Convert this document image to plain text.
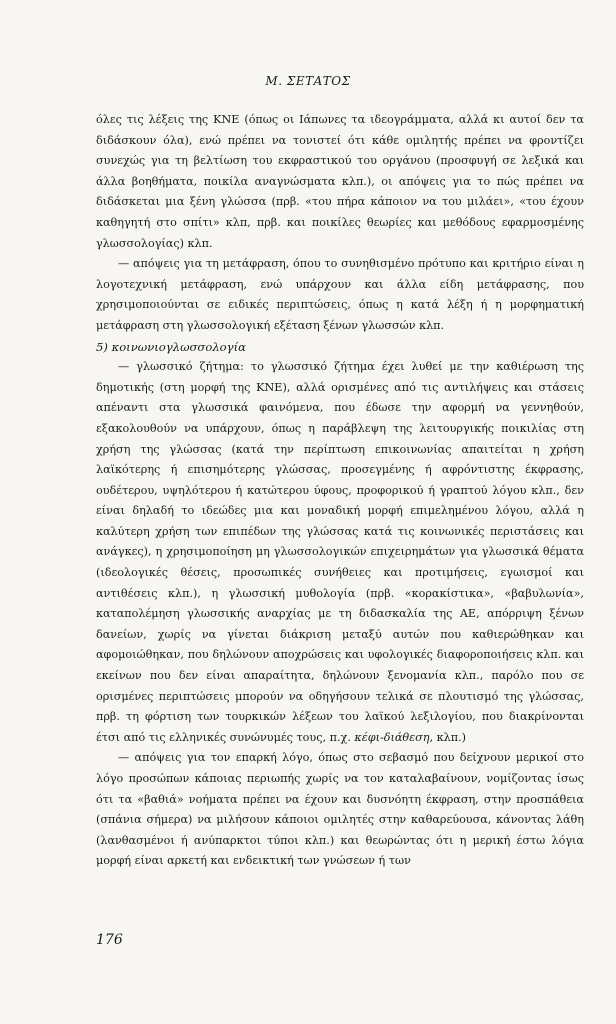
Μ. ΣΕΤΑΤΟΣ

όλες τις λέξεις της ΚΝΕ (όπως οι Ιάπωνες τα ιδεογράμματα, αλλά κι αυτοί δεν τα διδάσκουν όλα), ενώ πρέπει να τονιστεί ότι κάθε ομιλητής πρέπει να φροντίζει συνεχώς για τη βελτίωση του εκφραστικού του οργάνου (προσφυγή σε λεξικά και άλλα βοηθήματα, ποικίλα αναγνώσματα κλπ.), οι απόψεις για το πώς πρέπει να διδάσκεται μια ξένη γλώσσα (πρβ. «του πήρα κάποιον να του μιλάει», «του έχουν καθηγητή στο σπίτι» κλπ, πρβ. και ποικίλες θεωρίες και μεθόδους εφαρμοσμένης γλωσσολογίας) κλπ.

— απόψεις για τη μετάφραση, όπου το συνηθισμένο πρότυπο και κριτήριο είναι η λογοτεχνική μετάφραση, ενώ υπάρχουν και άλλα είδη μετάφρασης, που χρησιμοποιούνται σε ειδικές περιπτώσεις, όπως η κατά λέξη ή η μορφηματική μετάφραση στη γλωσσολογική εξέταση ξένων γλωσσών κλπ.

5) κοινωνιογλωσσολογία

— γλωσσικό ζήτημα: το γλωσσικό ζήτημα έχει λυθεί με την καθιέρωση της δημοτικής (στη μορφή της ΚΝΕ), αλλά ορισμένες από τις αντιλήψεις και στάσεις απέναντι στα γλωσσικά φαινόμενα, που έδωσε την αφορμή να γεννηθούν, εξακολουθούν να υπάρχουν, όπως η παράβλεψη της λειτουργικής ποικιλίας στη χρήση της γλώσσας (κατά την περίπτωση επικοινωνίας απαιτείται η χρήση λαϊκότερης ή επισημότερης γλώσσας, προσεγμένης ή αφρόντιστης έκφρασης, ουδέτερου, υψηλότερου ή κατώτερου ύφους, προφορικού ή γραπτού λόγου κλπ., δεν είναι δηλαδή το ιδεώδες μια και μοναδική μορφή επιμελημένου λόγου, αλλά η καλύτερη χρήση των επιπέδων της γλώσσας κατά τις κοινωνικές περιστάσεις και ανάγκες), η χρησιμοποίηση μη γλωσσολογικών επιχειρημάτων για γλωσσικά θέματα (ιδεολογικές θέσεις, προσωπικές συνήθειες και προτιμήσεις, εγωισμοί και αντιθέσεις κλπ.), η γλωσσική μυθολογία (πρβ. «κορακίστικα», «βαβυλωνία», καταπολέμηση γλωσσικής αναρχίας με τη διδασκαλία της ΑΕ, απόρριψη ξένων δανείων, χωρίς να γίνεται διάκριση μεταξύ αυτών που καθιερώθηκαν και αφομοιώθηκαν, που δηλώνουν αποχρώσεις και υφολογικές διαφοροποιήσεις κλπ. και εκείνων που δεν είναι απαραίτητα, δηλώνουν ξενομανία κλπ., παρόλο που σε ορισμένες περιπτώσεις μπορούν να οδηγήσουν τελικά σε πλουτισμό της γλώσσας, πρβ. τη φόρτιση των τουρκικών λέξεων του λαϊκού λεξιλογίου, που διακρίνονται έτσι από τις ελληνικές συνώνυμές τους, π.χ. κέφι-διάθεση, κλπ.)

— απόψεις για τον επαρκή λόγο, όπως στο σεβασμό που δείχνουν μερικοί στο λόγο προσώπων κάποιας περιωπής χωρίς να τον καταλαβαίνουν, νομίζοντας ίσως ότι τα «βαθιά» νοήματα πρέπει να έχουν και δυσνόητη έκφραση, στην προσπάθεια (σπάνια σήμερα) να μιλήσουν κάποιοι ομιλητές στην καθαρεύουσα, κάνοντας λάθη (λανθασμένοι ή ανύπαρκτοι τύποι κλπ.) και θεωρώντας ότι η μερική έστω λόγια μορφή είναι αρκετή και ενδεικτική των γνώσεων ή των

176
